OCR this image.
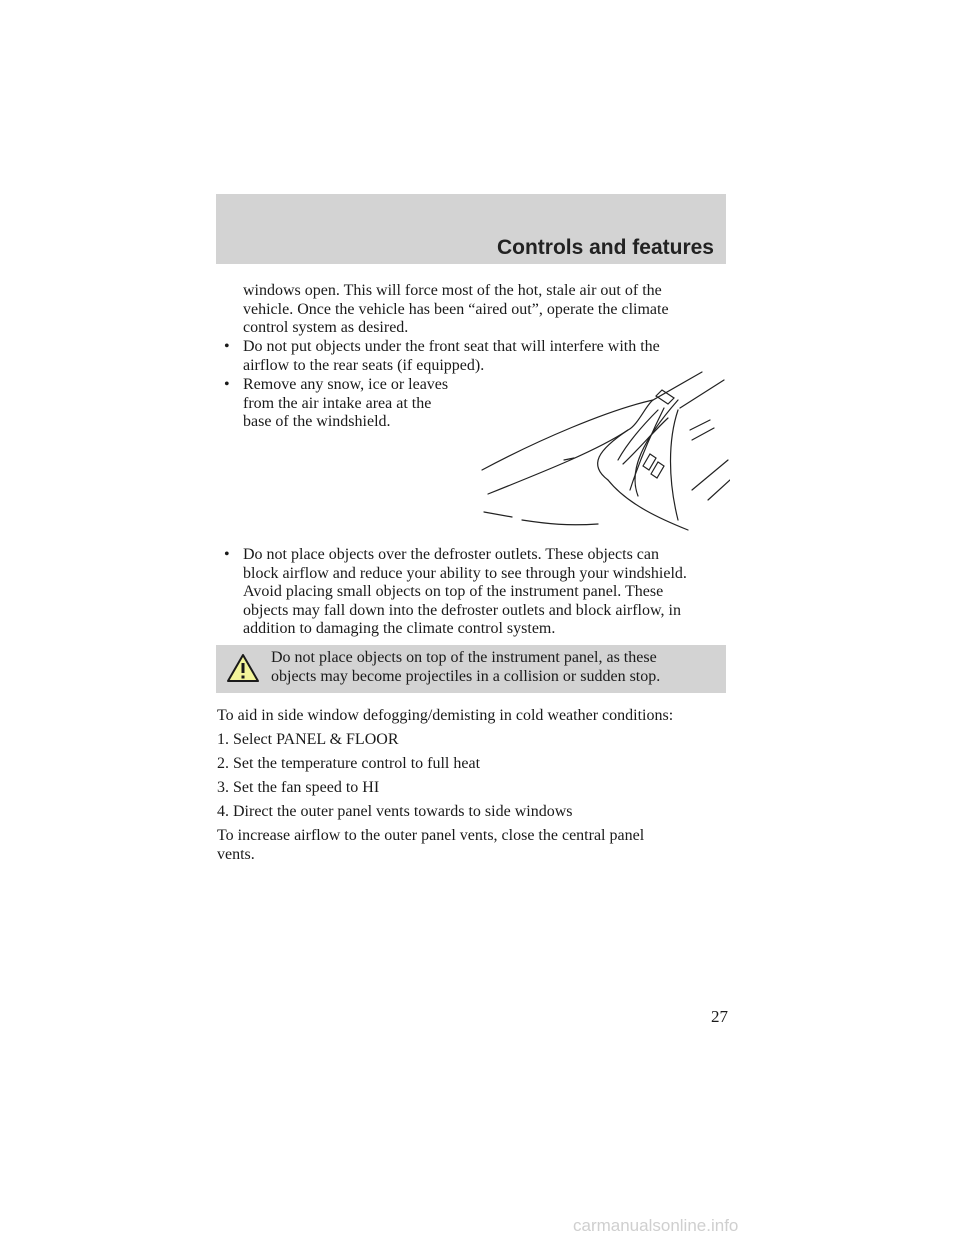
Controls and features

windows open. This will force most of the hot, stale air out of the

vehicle. Once the vehicle has been “aired out”, operate the climate

control system as desired.

• Do not put objects under the front seat that will interfere with the

airflow to the rear seats (if equipped).

• Remove any snow, ice or leaves

from the air intake area at the

base of the windshield.

• Do not place objects over the defroster outlets. These objects can

block airflow and reduce your ability to see through your windshield.

Avoid placing small objects on top of the instrument panel. These

objects may fall down into the defroster outlets and block airflow, in

addition to damaging the climate control system.

Do not place objects on top of the instrument panel, as these
objects may become projectiles in a collision or sudden stop.

To aid in side window defogging/demisting in cold weather conditions:

1. Select PANEL & FLOOR

2. Set the temperature control to full heat

3. Set the fan speed to HI

4. Direct the outer panel vents towards to side windows

To increase airflow to the outer panel vents, close the central panel

vents.

27
carmanualsonline.info
